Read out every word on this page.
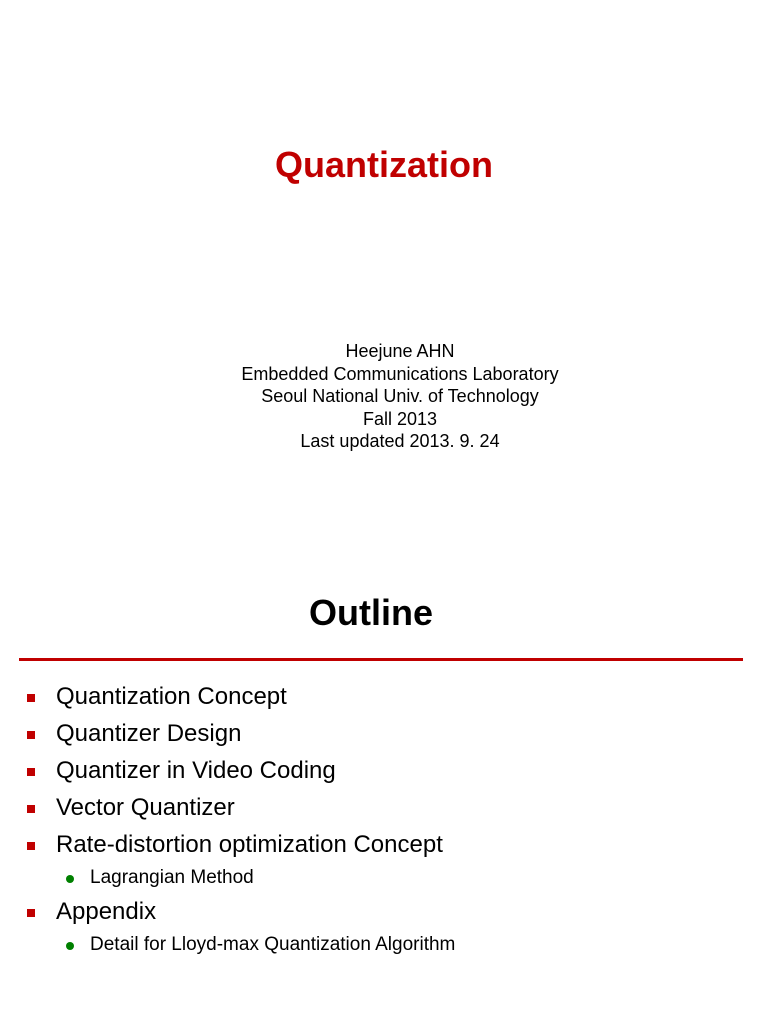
Quantization
Heejune AHN
Embedded Communications Laboratory
Seoul National Univ. of Technology
Fall 2013
Last updated 2013. 9. 24
Outline
Quantization Concept
Quantizer Design
Quantizer in Video Coding
Vector Quantizer
Rate-distortion optimization Concept
Lagrangian Method
Appendix
Detail for Lloyd-max Quantization Algorithm
